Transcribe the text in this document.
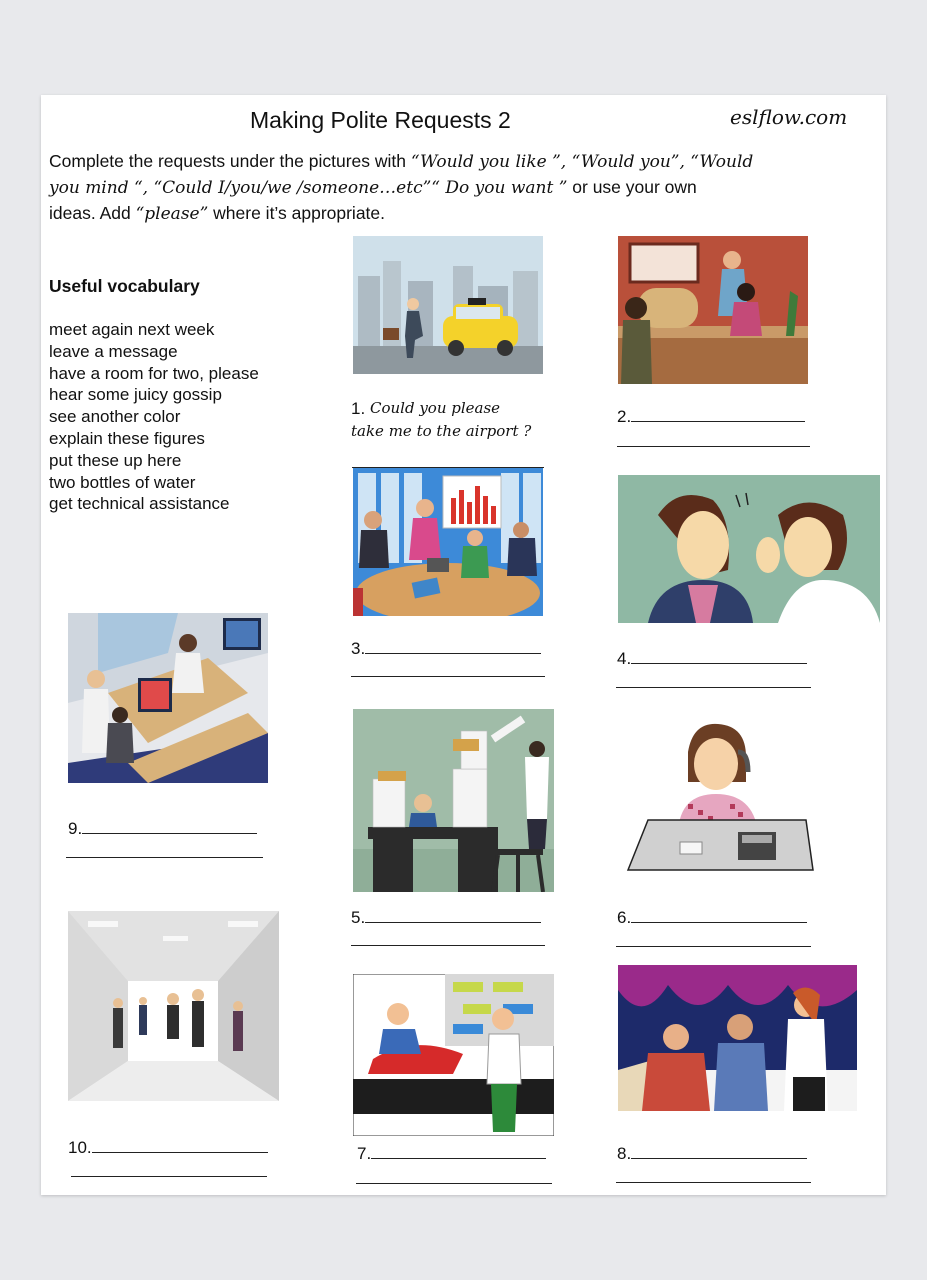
Making Polite Requests 2	eslflow.com
Complete the requests under the pictures with “Would you like ”, “Would you”, “Would
you mind “, “Could I/you/we /someone…etc”“ Do you want ” or use your own
ideas. Add “please” where it’s appropriate.
Useful vocabulary
meet again next week
leave a message
have a room for two, please
hear some juicy gossip
see another color
explain these figures
put these up here
two bottles of water
get technical assistance
1. Could you please
take me to the airport ?
2.
3.
4.
9.
5.	6.
10.	7.	8.
